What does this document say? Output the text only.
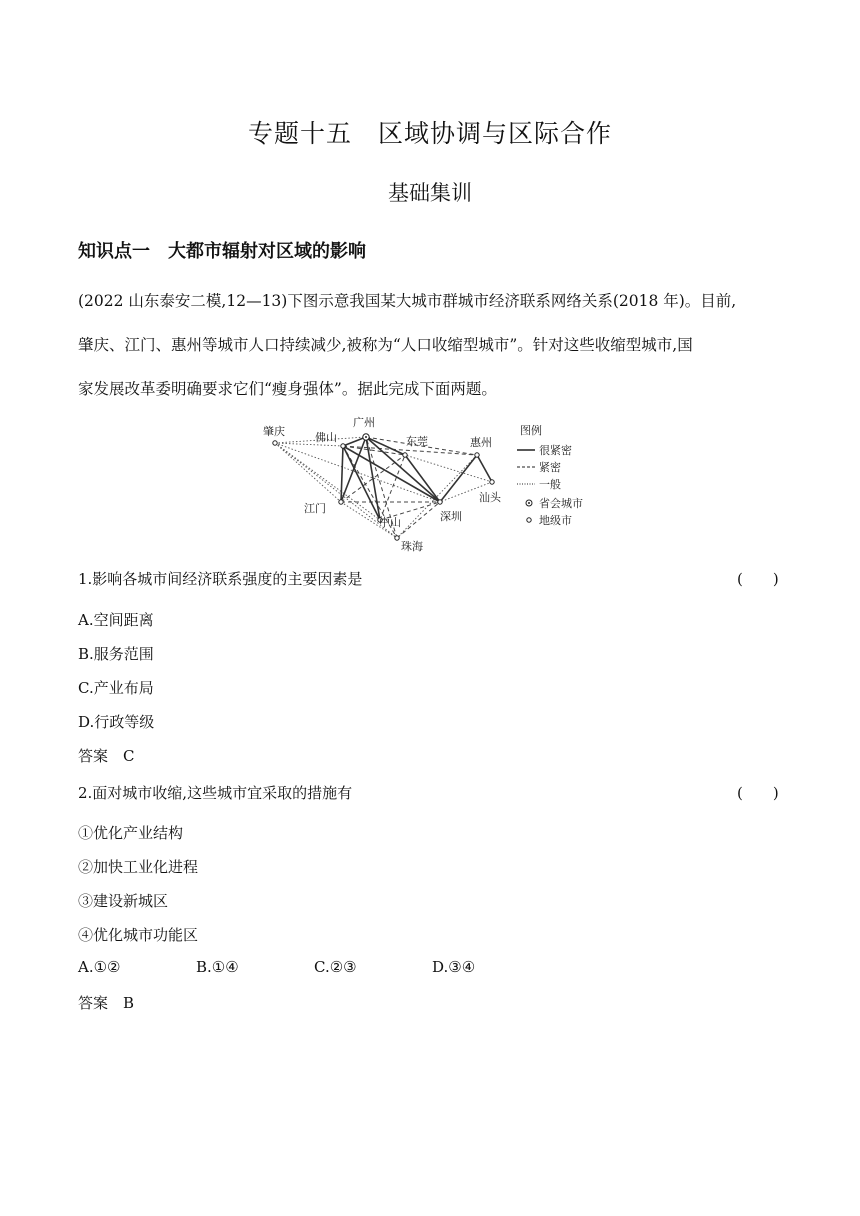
专题十五　区域协调与区际合作
基础集训
知识点一　大都市辐射对区域的影响
(2022 山东泰安二模,12—13)下图示意我国某大城市群城市经济联系网络关系(2018 年)。目前,
肇庆、江门、惠州等城市人口持续减少,被称为“人口收缩型城市”。针对这些收缩型城市,国
家发展改革委明确要求它们“瘦身强体”。据此完成下面两题。
肇庆	佛山
广州
东莞	惠州
汕头
江门
中山
珠海
深圳
图例
很紧密
紧密
一般
省会城市
地级市
1.影响各城市间经济联系强度的主要因素是	(　　)
A.空间距离
B.服务范围
C.产业布局
D.行政等级
答案　C
2.面对城市收缩,这些城市宜采取的措施有	(　　)
①优化产业结构
②加快工业化进程
③建设新城区
④优化城市功能区
A.①②	B.①④	C.②③	D.③④
答案　B
